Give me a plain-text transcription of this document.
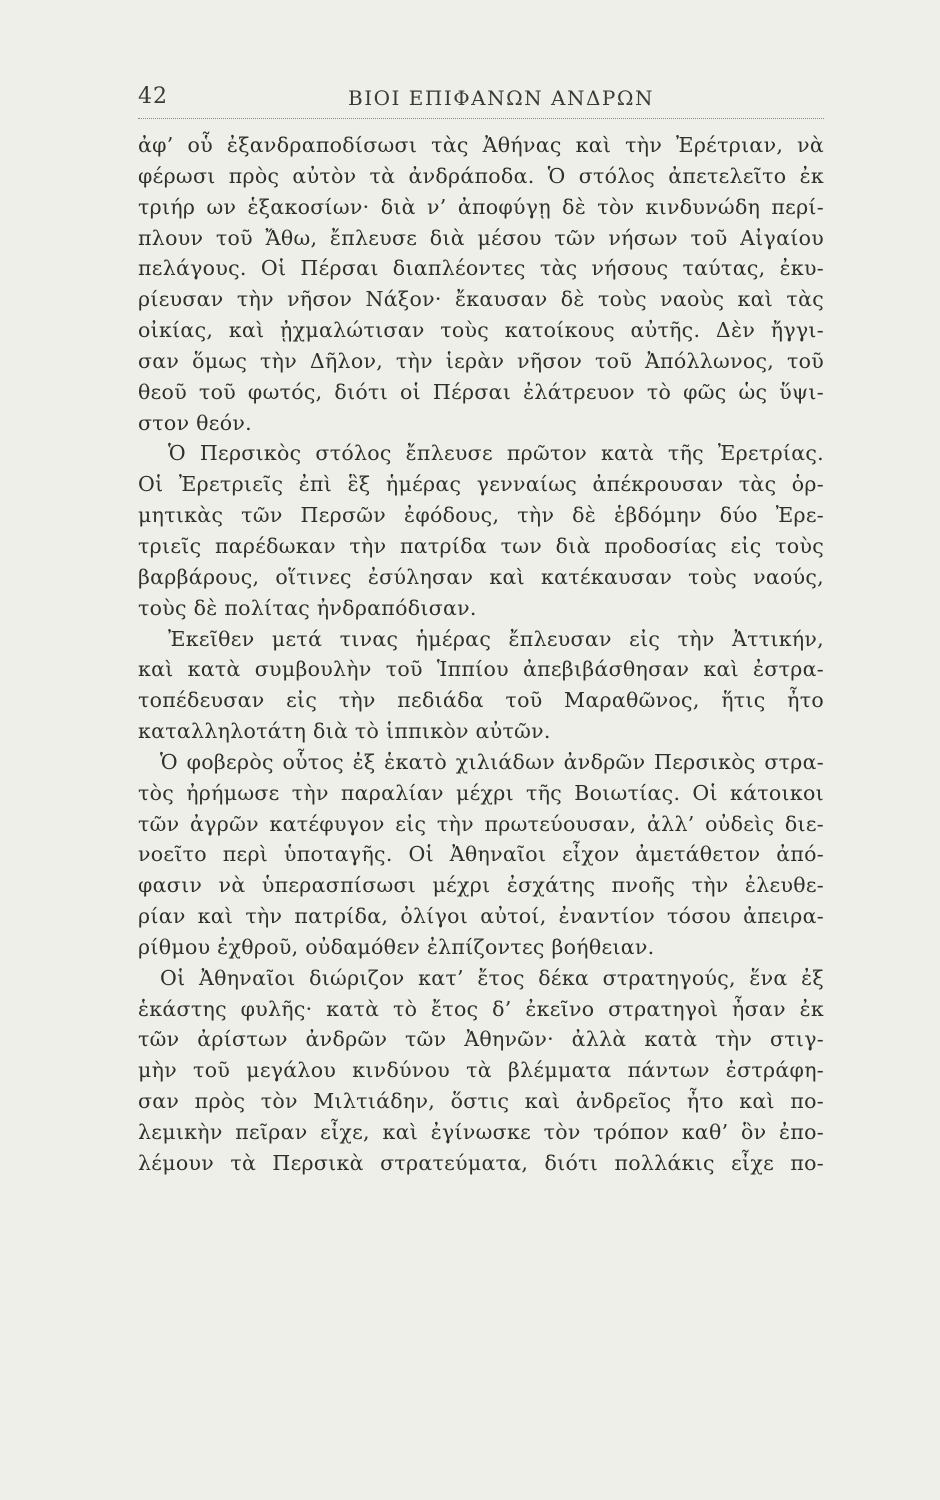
42	ΒΙΟΙ ΕΠΙΦΑΝΩΝ ΑΝΔΡΩΝ
ἀφ’ οὗ ἐξανδραποδίσωσι τὰς Ἀθήνας καὶ τὴν Ἐρέτριαν, νὰ
φέρωσι πρὸς αὐτὸν τὰ ἀνδράποδα. Ὁ στόλος ἀπετελεῖτο ἐκ
τριήρ ων ἑξακοσίων· διὰ ν’ ἀποφύγῃ δὲ τὸν κινδυνώδη περί-
πλουν τοῦ Ἄθω, ἔπλευσε διὰ μέσου τῶν νήσων τοῦ Αἰγαίου
πελάγους. Οἱ Πέρσαι διαπλέοντες τὰς νήσους ταύτας, ἐκυ-
ρίευσαν τὴν νῆσον Νάξον· ἔκαυσαν δὲ τοὺς ναοὺς καὶ τὰς
οἰκίας, καὶ ᾐχμαλώτισαν τοὺς κατοίκους αὐτῆς. Δὲν ἤγγι-
σαν ὅμως τὴν Δῆλον, τὴν ἱερὰν νῆσον τοῦ Ἀπόλλωνος, τοῦ
θεοῦ τοῦ φωτός, διότι οἱ Πέρσαι ἐλάτρευον τὸ φῶς ὡς ὕψι-
στον θεόν.
Ὁ Περσικὸς στόλος ἔπλευσε πρῶτον κατὰ τῆς Ἐρετρίας.
Οἱ Ἐρετριεῖς ἐπὶ ἓξ ἡμέρας γενναίως ἀπέκρουσαν τὰς ὁρ-
μητικὰς τῶν Περσῶν ἐφόδους, τὴν δὲ ἑβδόμην δύο Ἐρε-
τριεῖς παρέδωκαν τὴν πατρίδα των διὰ προδοσίας εἰς τοὺς
βαρβάρους, οἵτινες ἐσύλησαν καὶ κατέκαυσαν τοὺς ναούς,
τοὺς δὲ πολίτας ἠνδραπόδισαν.
Ἐκεῖθεν μετά τινας ἡμέρας ἔπλευσαν εἰς τὴν Ἀττικήν,
καὶ κατὰ συμβουλὴν τοῦ Ἱππίου ἀπεβιβάσθησαν καὶ ἐστρα-
τοπέδευσαν εἰς τὴν πεδιάδα τοῦ Μαραθῶνος, ἥτις ἦτο
καταλληλοτάτη διὰ τὸ ἱππικὸν αὐτῶν.
Ὁ φοβερὸς οὗτος ἐξ ἑκατὸ χιλιάδων ἀνδρῶν Περσικὸς στρα-
τὸς ἠρήμωσε τὴν παραλίαν μέχρι τῆς Βοιωτίας. Οἱ κάτοικοι
τῶν ἀγρῶν κατέφυγον εἰς τὴν πρωτεύουσαν, ἀλλ’ οὐδεὶς διε-
νοεῖτο περὶ ὑποταγῆς. Οἱ Ἀθηναῖοι εἶχον ἀμετάθετον ἀπό-
φασιν νὰ ὑπερασπίσωσι μέχρι ἐσχάτης πνοῆς τὴν ἐλευθε-
ρίαν καὶ τὴν πατρίδα, ὀλίγοι αὐτοί, ἐναντίον τόσου ἀπειρα-
ρίθμου ἐχθροῦ, οὐδαμόθεν ἐλπίζοντες βοήθειαν.
Οἱ Ἀθηναῖοι διώριζον κατ’ ἔτος δέκα στρατηγούς, ἕνα ἐξ
ἑκάστης φυλῆς· κατὰ τὸ ἔτος δ’ ἐκεῖνο στρατηγοὶ ἦσαν ἐκ
τῶν ἀρίστων ἀνδρῶν τῶν Ἀθηνῶν· ἀλλὰ κατὰ τὴν στιγ-
μὴν τοῦ μεγάλου κινδύνου τὰ βλέμματα πάντων ἐστράφη-
σαν πρὸς τὸν Μιλτιάδην, ὅστις καὶ ἀνδρεῖος ἦτο καὶ πο-
λεμικὴν πεῖραν εἶχε, καὶ ἐγίνωσκε τὸν τρόπον καθ’ ὃν ἐπο-
λέμουν τὰ Περσικὰ στρατεύματα, διότι πολλάκις εἶχε πο-
